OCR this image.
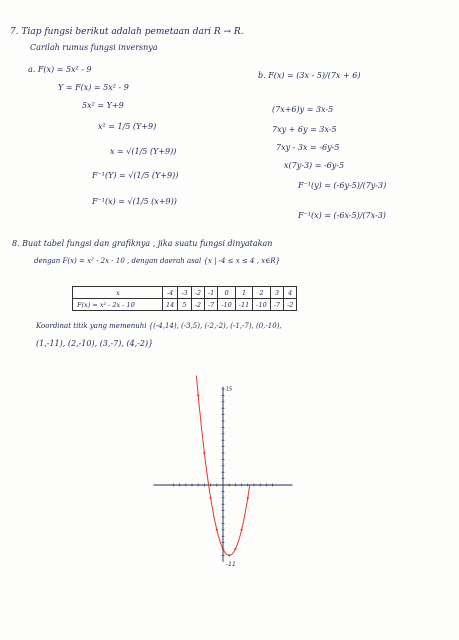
7. Tiap fungsi berikut adalah pemetaan dari R → R.
Carilah rumus fungsi inversnya
a. F(x) = 5x² - 9
Y = F(x) = 5x² - 9
5x² = Y+9
x² = 1/5 (Y+9)
x = √(1/5 (Y+9))
F⁻¹(Y) = √(1/5 (Y+9))
F⁻¹(x) = √(1/5 (x+9))
b. F(x) = (3x - 5)/(7x + 6)
(7x+6)y = 3x-5
7xy + 6y = 3x-5
7xy - 3x = -6y-5
x(7y-3) = -6y-5
F⁻¹(y) = (-6y-5)/(7y-3)
F⁻¹(x) = (-6x-5)/(7x-3)
8. Buat tabel fungsi dan grafiknya , jika suatu fungsi dinyatakan
dengan F(x) = x² - 2x - 10 , dengan daerah asal {x | -4 ≤ x ≤ 4 , x∈R}
x	-4	-3	-2	-1	0	1	2	3	4
F(x) = x² - 2x - 10	14	5	-2	-7	-10	-11	-10	-7	-2
Koordinat titik yang memenuhi {(-4,14), (-3,5), (-2,-2), (-1,-7), (0,-10),
(1,-11), (2,-10), (3,-7), (4,-2)}
15
-11
